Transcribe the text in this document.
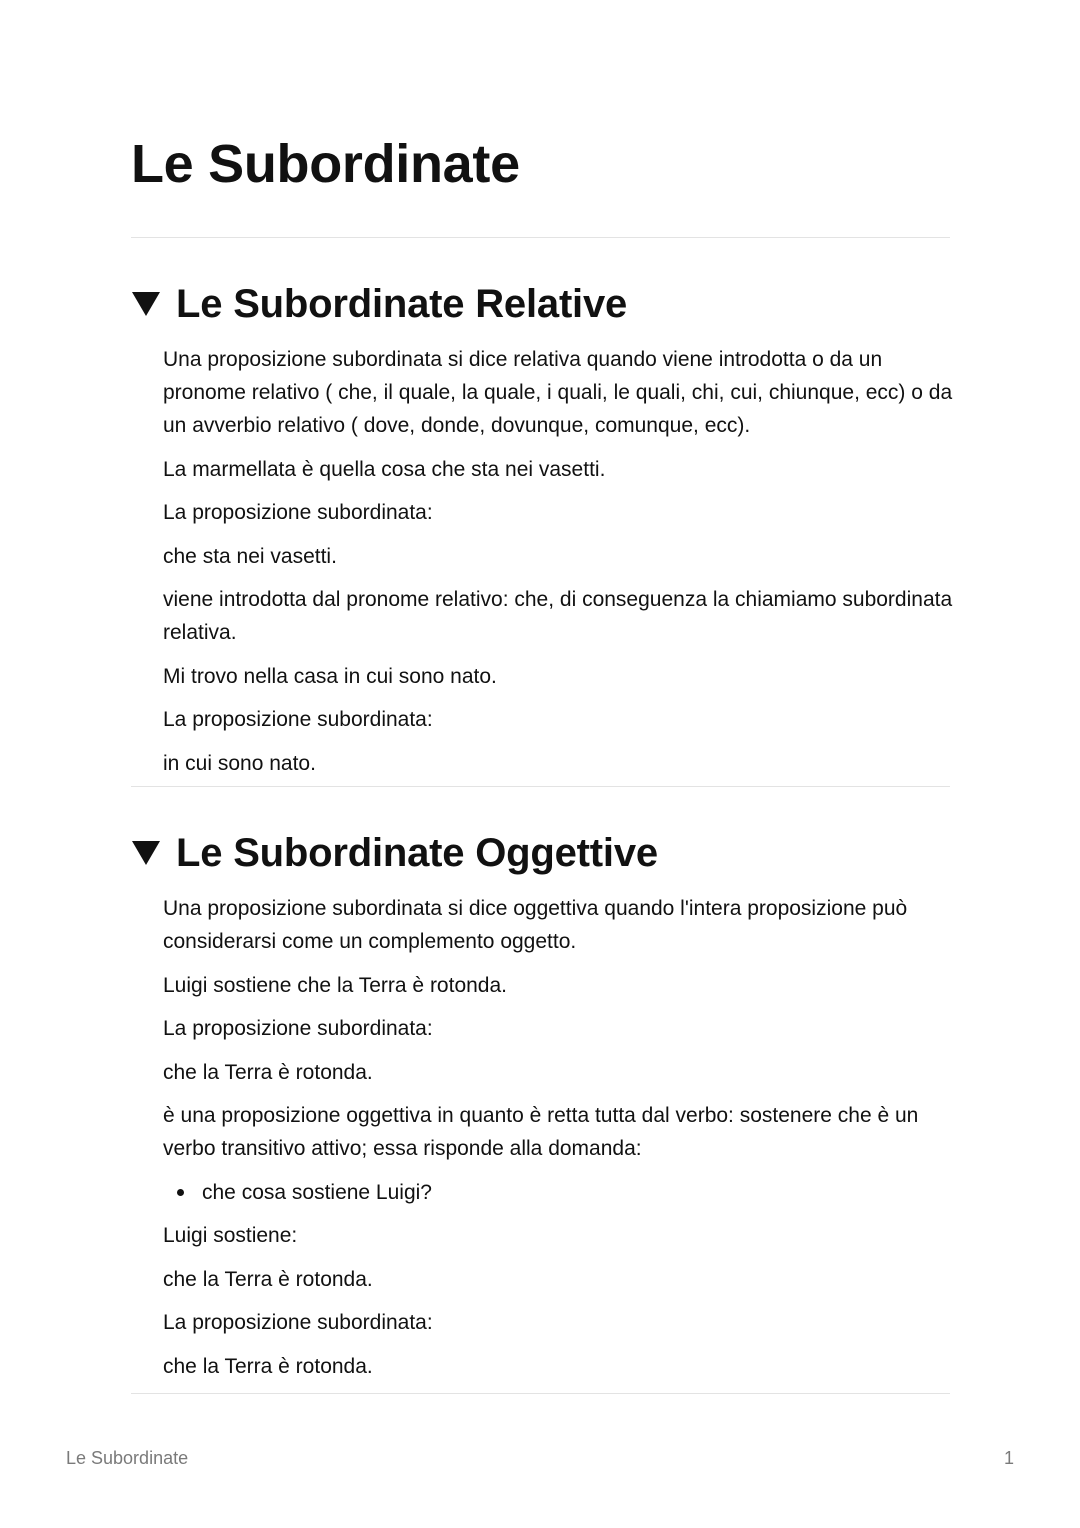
Le Subordinate
Le Subordinate Relative

Una proposizione subordinata si dice relativa quando viene introdotta o da un pronome relativo ( che, il quale, la quale, i quali, le quali, chi, cui, chiunque, ecc) o da un avverbio relativo ( dove, donde, dovunque, comunque, ecc).

La marmellata è quella cosa che sta nei vasetti.

La proposizione subordinata:

che sta nei vasetti.

viene introdotta dal pronome relativo: che, di conseguenza la chiamiamo subordinata relativa.

Mi trovo nella casa in cui sono nato.

La proposizione subordinata:

in cui sono nato.

Le Subordinate Oggettive

Una proposizione subordinata si dice oggettiva quando l'intera proposizione può considerarsi come un complemento oggetto.

Luigi sostiene che la Terra è rotonda.

La proposizione subordinata:

che la Terra è rotonda.

è una proposizione oggettiva in quanto è retta tutta dal verbo: sostenere che è un verbo transitivo attivo; essa risponde alla domanda:

che cosa sostiene Luigi?

Luigi sostiene:

che la Terra è rotonda.

La proposizione subordinata:

che la Terra è rotonda.

Le Subordinate	1
